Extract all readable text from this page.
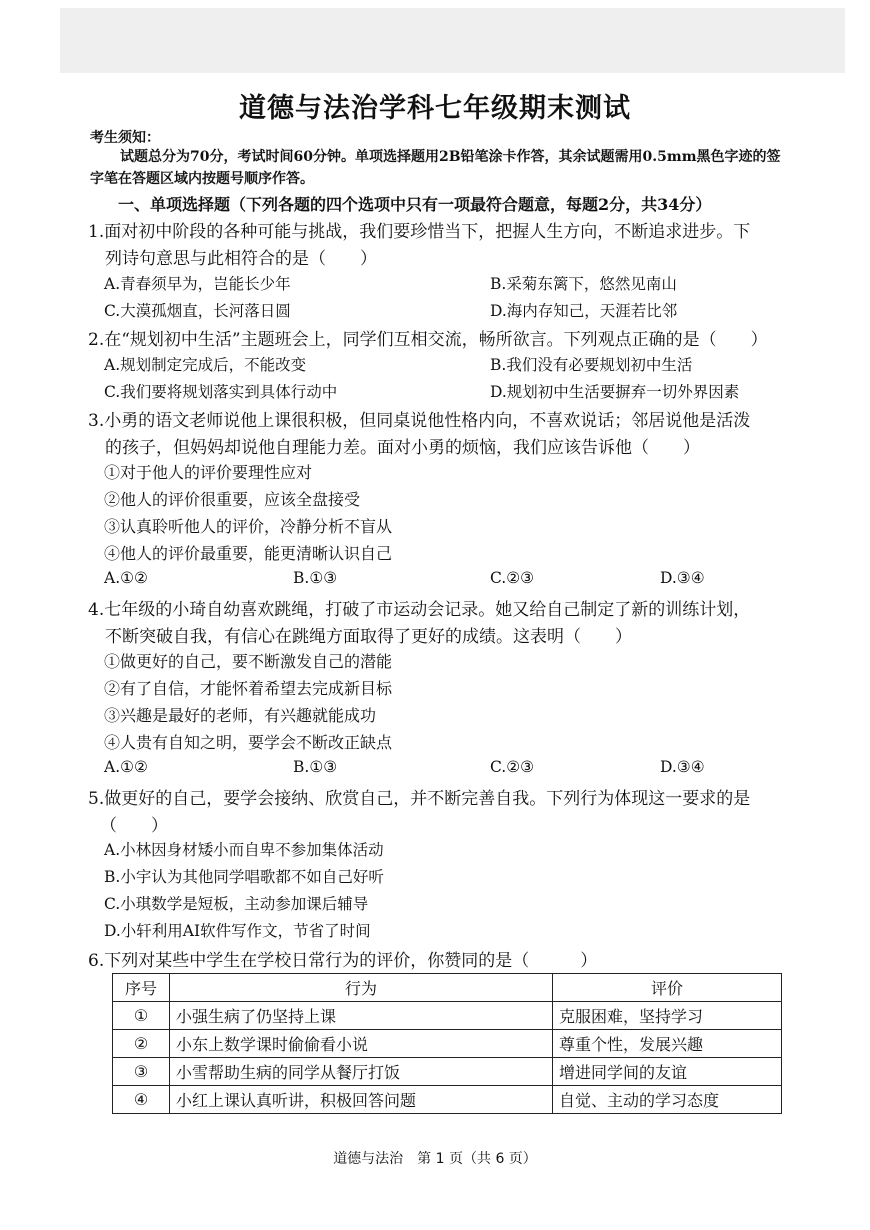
道德与法治学科七年级期末测试
考生须知：
试题总分为70分，考试时间60分钟。单项选择题用2B铅笔涂卡作答，其余试题需用0.5mm黑色字迹的签字笔在答题区域内按题号顺序作答。
一、单项选择题（下列各题的四个选项中只有一项最符合题意，每题2分，共34分）
1.面对初中阶段的各种可能与挑战，我们要珍惜当下，把握人生方向，不断追求进步。下
列诗句意思与此相符合的是（　　）
A.青春须早为，岂能长少年	B.采菊东篱下，悠然见南山
C.大漠孤烟直，长河落日圆	D.海内存知己，天涯若比邻
2.在“规划初中生活”主题班会上，同学们互相交流，畅所欲言。下列观点正确的是（　　）
A.规划制定完成后，不能改变	B.我们没有必要规划初中生活
C.我们要将规划落实到具体行动中	D.规划初中生活要摒弃一切外界因素
3.小勇的语文老师说他上课很积极，但同桌说他性格内向，不喜欢说话；邻居说他是活泼
的孩子，但妈妈却说他自理能力差。面对小勇的烦恼，我们应该告诉他（　　）
①对于他人的评价要理性应对
②他人的评价很重要，应该全盘接受
③认真聆听他人的评价，冷静分析不盲从
④他人的评价最重要，能更清晰认识自己
A.①②	B.①③	C.②③	D.③④
4.七年级的小琦自幼喜欢跳绳，打破了市运动会记录。她又给自己制定了新的训练计划，
不断突破自我，有信心在跳绳方面取得了更好的成绩。这表明（　　）
①做更好的自己，要不断激发自己的潜能
②有了自信，才能怀着希望去完成新目标
③兴趣是最好的老师，有兴趣就能成功
④人贵有自知之明，要学会不断改正缺点
A.①②	B.①③	C.②③	D.③④
5.做更好的自己，要学会接纳、欣赏自己，并不断完善自我。下列行为体现这一要求的是
（　　）
A.小林因身材矮小而自卑不参加集体活动
B.小宇认为其他同学唱歌都不如自己好听
C.小琪数学是短板，主动参加课后辅导
D.小轩利用AI软件写作文，节省了时间
6.下列对某些中学生在学校日常行为的评价，你赞同的是（　　　）
序号	行为	评价
①	小强生病了仍坚持上课	克服困难，坚持学习
②	小东上数学课时偷偷看小说	尊重个性，发展兴趣
③	小雪帮助生病的同学从餐厅打饭	增进同学间的友谊
④	小红上课认真听讲，积极回答问题	自觉、主动的学习态度
道德与法治　第 1 页（共 6 页）
